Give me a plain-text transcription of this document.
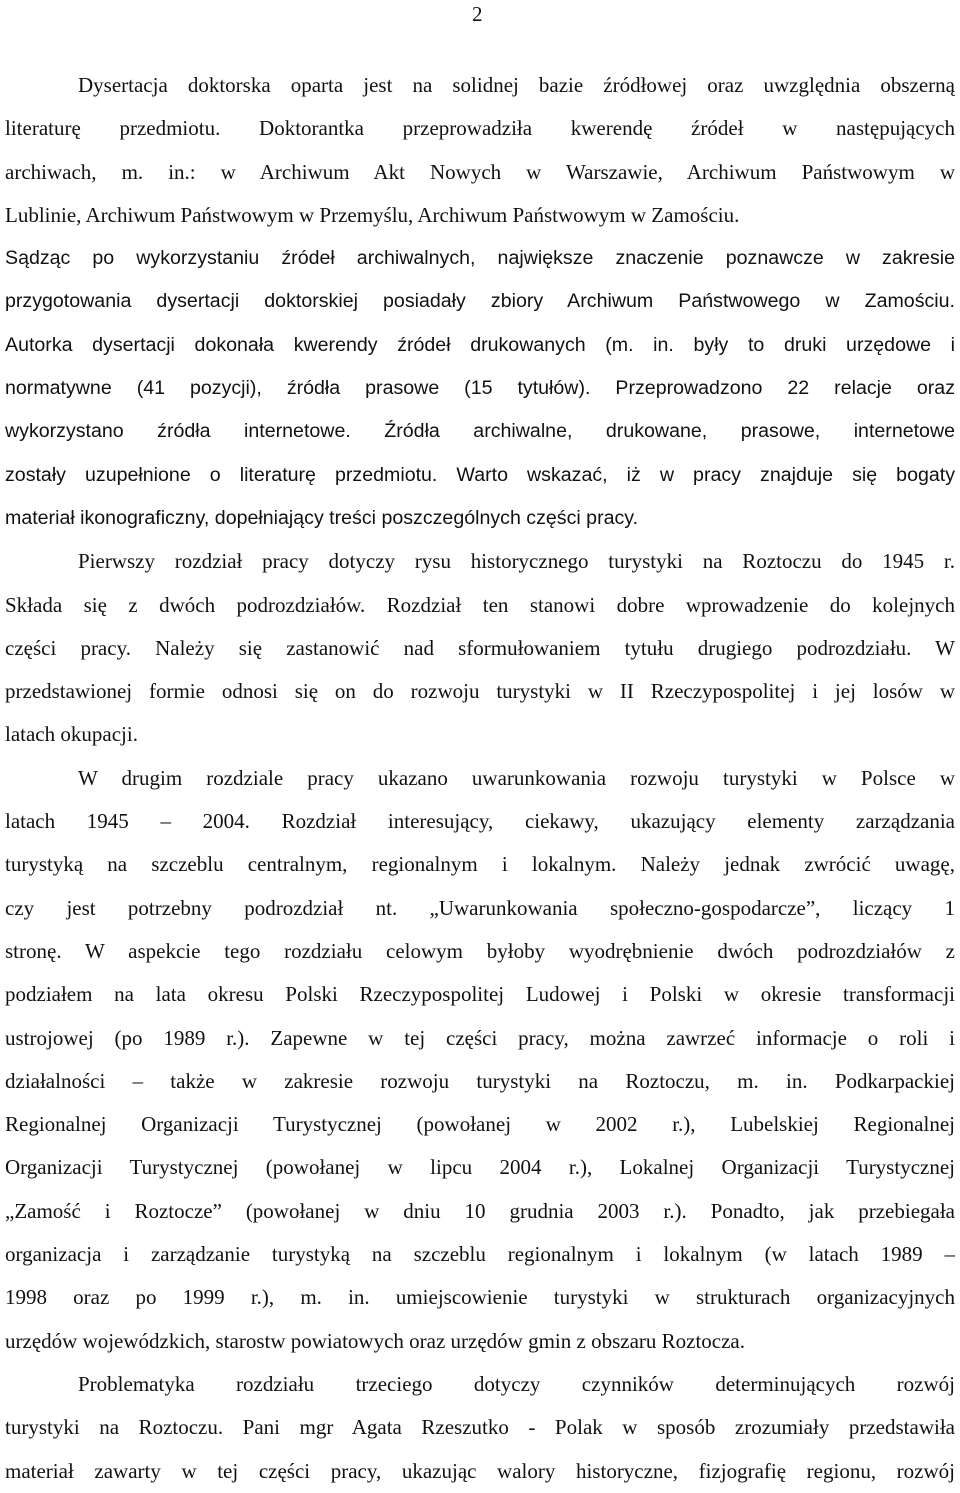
2
Dysertacja doktorska oparta jest na solidnej bazie źródłowej oraz uwzględnia obszerną
literaturę przedmiotu. Doktorantka przeprowadziła kwerendę źródeł w następujących
archiwach, m. in.: w Archiwum Akt Nowych w Warszawie, Archiwum Państwowym w
Lublinie, Archiwum Państwowym w Przemyślu, Archiwum Państwowym w Zamościu.
Sądząc po wykorzystaniu źródeł archiwalnych, największe znaczenie poznawcze w zakresie
przygotowania dysertacji doktorskiej posiadały zbiory Archiwum Państwowego w Zamościu.
Autorka dysertacji dokonała kwerendy źródeł drukowanych (m. in. były to druki urzędowe i
normatywne (41 pozycji), źródła prasowe (15 tytułów). Przeprowadzono 22 relacje oraz
wykorzystano źródła internetowe. Źródła archiwalne, drukowane, prasowe, internetowe
zostały uzupełnione o literaturę przedmiotu. Warto wskazać, iż w pracy znajduje się bogaty
materiał ikonograficzny, dopełniający treści poszczególnych części pracy.
Pierwszy rozdział pracy dotyczy rysu historycznego turystyki na Roztoczu do 1945 r.
Składa się z dwóch podrozdziałów. Rozdział ten stanowi dobre wprowadzenie do kolejnych
części pracy. Należy się zastanowić nad sformułowaniem tytułu drugiego podrozdziału. W
przedstawionej formie odnosi się on do rozwoju turystyki w II Rzeczypospolitej i jej losów w
latach okupacji.
W drugim rozdziale pracy ukazano uwarunkowania rozwoju turystyki w Polsce w
latach 1945 – 2004. Rozdział interesujący, ciekawy, ukazujący elementy zarządzania
turystyką na szczeblu centralnym, regionalnym i lokalnym. Należy jednak zwrócić uwagę,
czy jest potrzebny podrozdział nt. „Uwarunkowania społeczno-gospodarcze”, liczący 1
stronę. W aspekcie tego rozdziału celowym byłoby wyodrębnienie dwóch podrozdziałów z
podziałem na lata okresu Polski Rzeczypospolitej Ludowej i Polski w okresie transformacji
ustrojowej (po 1989 r.). Zapewne w tej części pracy, można zawrzeć informacje o roli i
działalności – także w zakresie rozwoju turystyki na Roztoczu, m. in. Podkarpackiej
Regionalnej Organizacji Turystycznej (powołanej w 2002 r.), Lubelskiej Regionalnej
Organizacji Turystycznej (powołanej w lipcu 2004 r.), Lokalnej Organizacji Turystycznej
„Zamość i Roztocze” (powołanej w dniu 10 grudnia 2003 r.). Ponadto, jak przebiegała
organizacja i zarządzanie turystyką na szczeblu regionalnym i lokalnym (w latach 1989 –
1998 oraz po 1999 r.), m. in. umiejscowienie turystyki w strukturach organizacyjnych
urzędów wojewódzkich, starostw powiatowych oraz urzędów gmin z obszaru Roztocza.
Problematyka rozdziału trzeciego dotyczy czynników determinujących rozwój
turystyki na Roztoczu. Pani mgr Agata Rzeszutko - Polak w sposób zrozumiały przedstawiła
materiał zawarty w tej części pracy, ukazując walory historyczne, fizjografię regionu, rozwój
